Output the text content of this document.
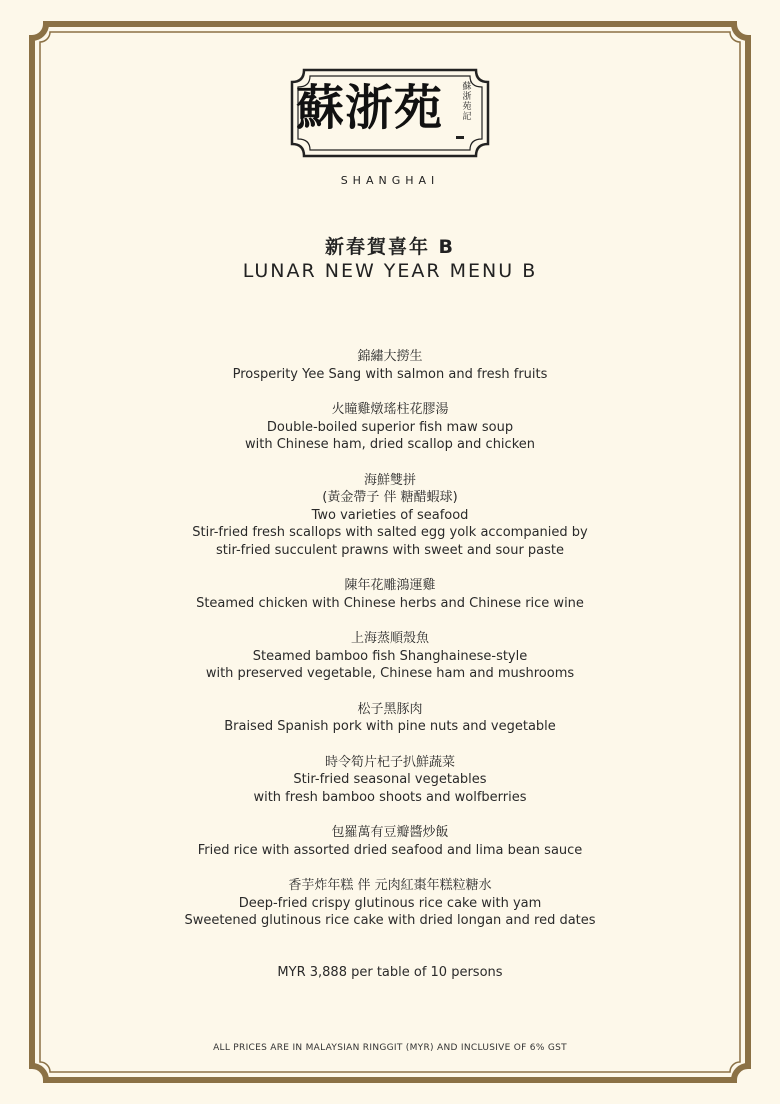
蘇浙苑	蘇浙苑記
SHANGHAI
新春賀喜年 B
LUNAR NEW YEAR MENU B
錦繡大撈生
Prosperity Yee Sang with salmon and fresh fruits
火瞳雞燉瑤柱花膠湯
Double-boiled superior fish maw soup
with Chinese ham, dried scallop and chicken
海鮮雙拼
(黃金帶子 伴 糖醋蝦球)
Two varieties of seafood
Stir-fried fresh scallops with salted egg yolk accompanied by
stir-fried succulent prawns with sweet and sour paste
陳年花雕鴻運雞
Steamed chicken with Chinese herbs and Chinese rice wine
上海蒸順殼魚
Steamed bamboo fish Shanghainese-style
with preserved vegetable, Chinese ham and mushrooms
松子黑豚肉
Braised Spanish pork with pine nuts and vegetable
時令筍片杞子扒鮮蔬菜
Stir-fried seasonal vegetables
with fresh bamboo shoots and wolfberries
包羅萬有豆瓣醬炒飯
Fried rice with assorted dried seafood and lima bean sauce
香芋炸年糕 伴 元肉紅棗年糕粒糖水
Deep-fried crispy glutinous rice cake with yam
Sweetened glutinous rice cake with dried longan and red dates
MYR 3,888 per table of 10 persons
ALL PRICES ARE IN MALAYSIAN RINGGIT (MYR) AND INCLUSIVE OF 6% GST
